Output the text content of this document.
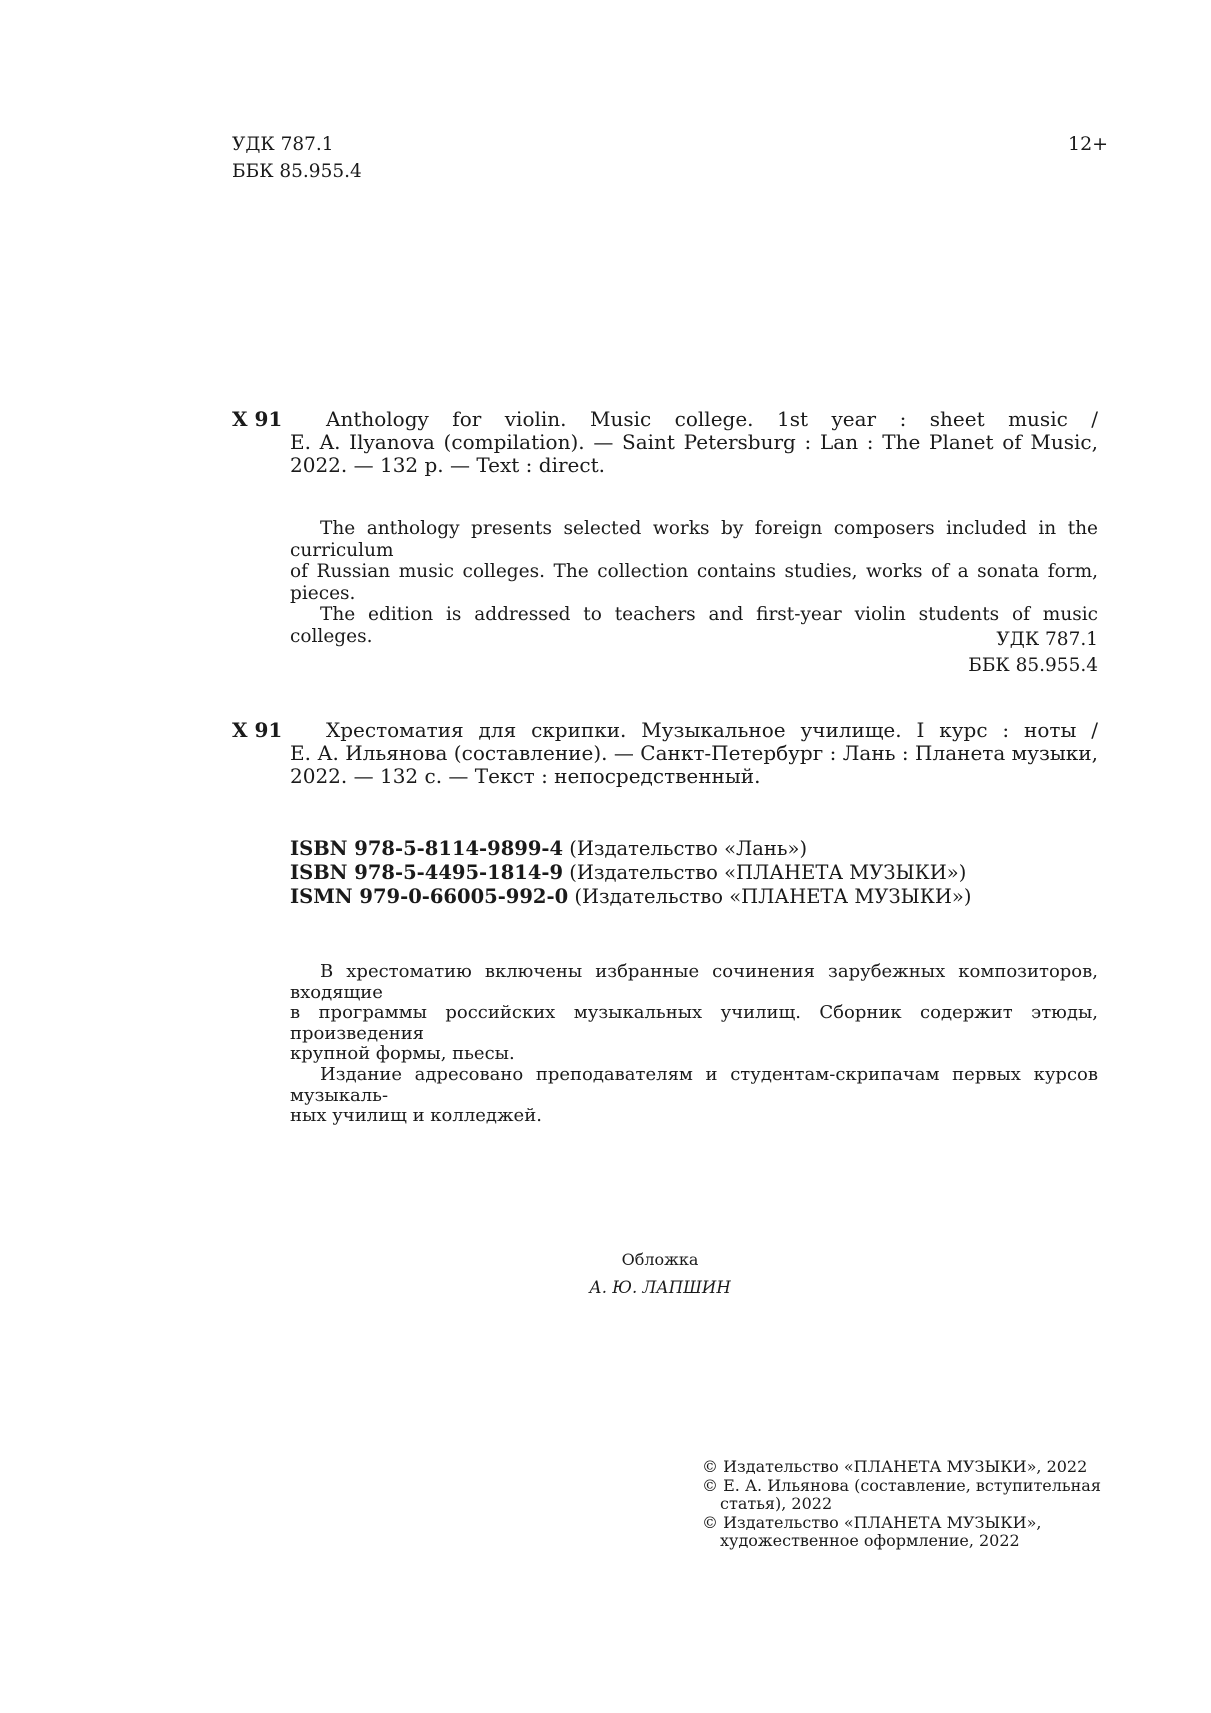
УДК 787.1
ББК 85.955.4
12+
Х 91	Anthology for violin. Music college. 1st year : sheet music /
E. A. Ilyanova (compilation). — Saint Petersburg : Lan : The Planet of Music,
2022. — 132 p. — Text : direct.

The anthology presents selected works by foreign composers included in the curriculum

of Russian music colleges. The collection contains studies, works of a sonata form, pieces.

The edition is addressed to teachers and first-year violin students of music colleges.	УДК 787.1
ББК 85.955.4
Х 91	Хрестоматия для скрипки. Музыкальное училище. I курс : ноты /
Е. А. Ильянова (составление). — Санкт-Петербург : Лань : Планета музыки,
2022. — 132 с. — Текст : непосредственный.
ISBN 978-5-8114-9899-4 (Издательство «Лань»)
ISBN 978-5-4495-1814-9 (Издательство «ПЛАНЕТА МУЗЫКИ»)
ISMN 979-0-66005-992-0 (Издательство «ПЛАНЕТА МУЗЫКИ»)

В хрестоматию включены избранные сочинения зарубежных композиторов, входящие

в программы российских музыкальных училищ. Сборник содержит этюды, произведения

крупной формы, пьесы.

Издание адресовано преподавателям и студентам-скрипачам первых курсов музыкаль-

ных училищ и колледжей.

Обложка
А. Ю. ЛАПШИН
© Издательство «ПЛАНЕТА МУЗЫКИ», 2022
© Е. А. Ильянова (составление, вступительная
статья), 2022
© Издательство «ПЛАНЕТА МУЗЫКИ»,
художественное оформление, 2022
